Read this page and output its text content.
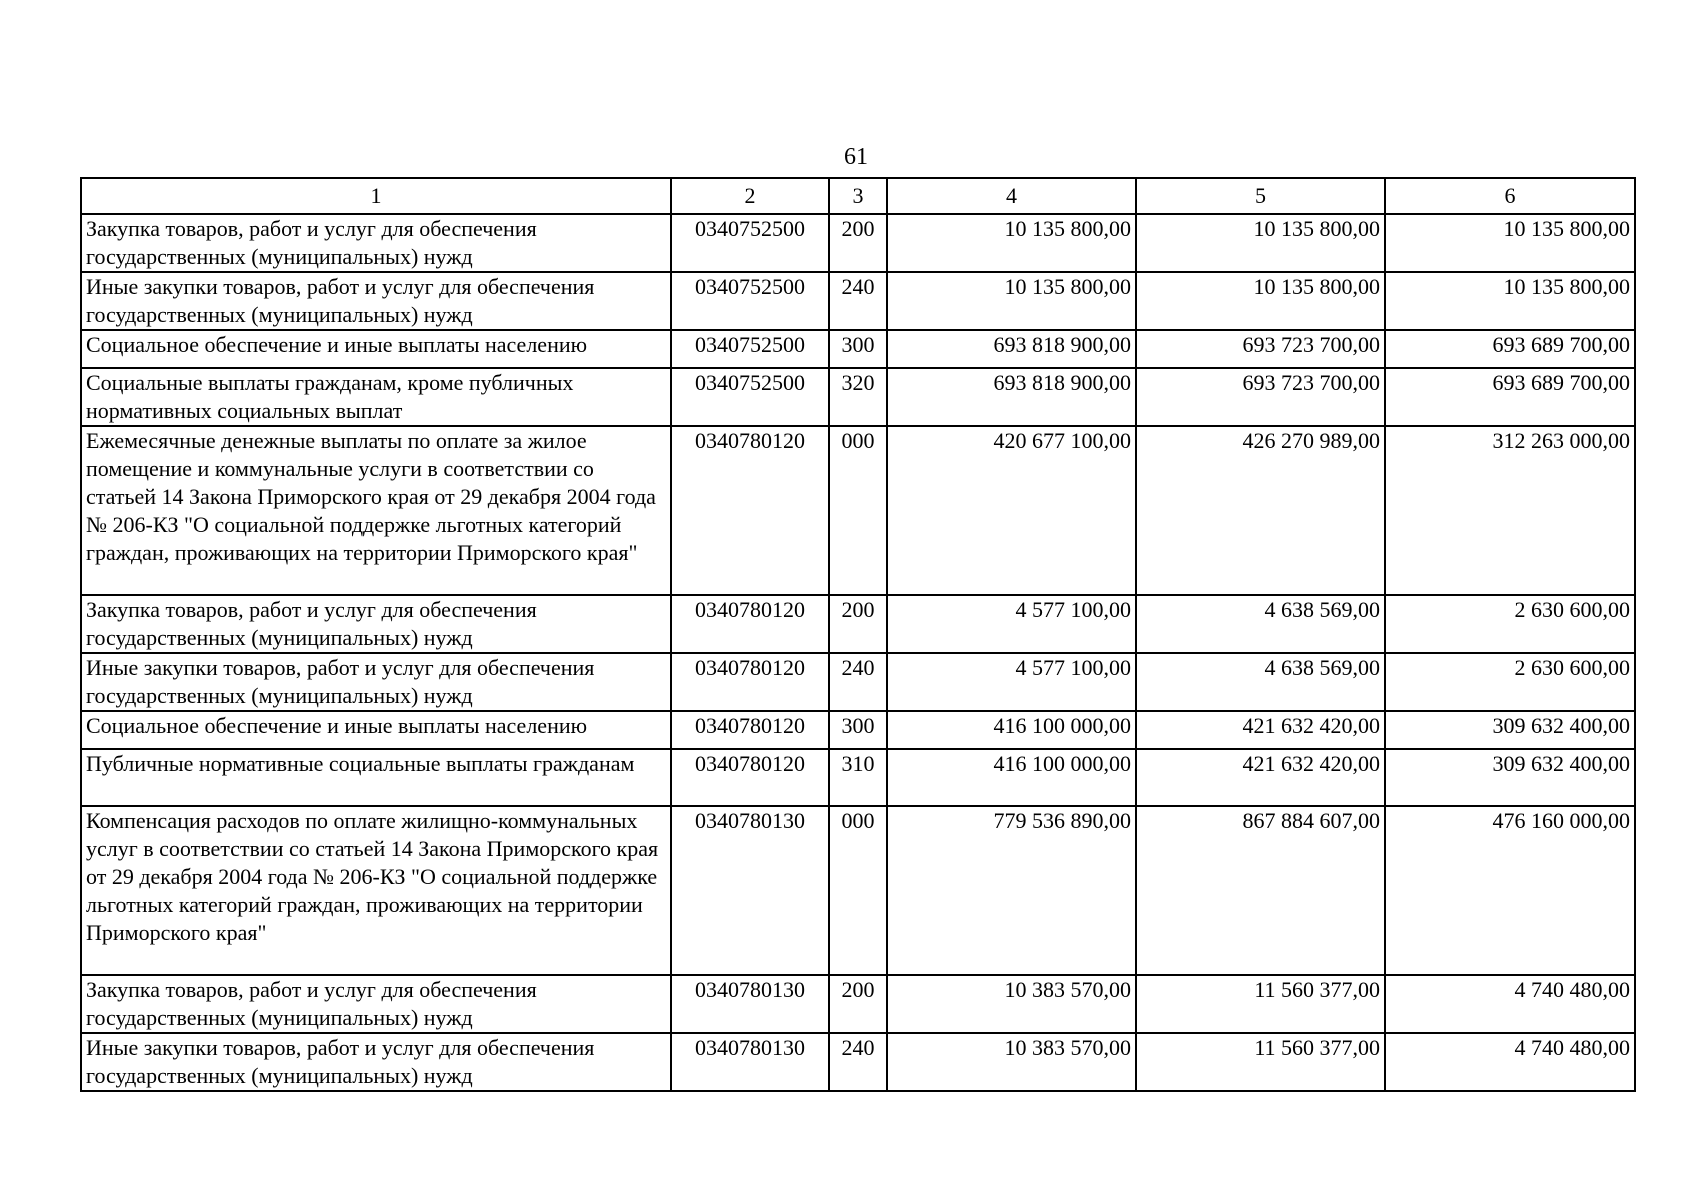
61
1	2	3	4	5	6
Закупка товаров, работ и услуг для обеспечения государственных (муниципальных) нужд	0340752500	200	10 135 800,00	10 135 800,00	10 135 800,00
Иные закупки товаров, работ и услуг для обеспечения государственных (муниципальных) нужд	0340752500	240	10 135 800,00	10 135 800,00	10 135 800,00
Социальное обеспечение и иные выплаты населению	0340752500	300	693 818 900,00	693 723 700,00	693 689 700,00
Социальные выплаты гражданам, кроме публичных нормативных социальных выплат	0340752500	320	693 818 900,00	693 723 700,00	693 689 700,00
Ежемесячные денежные выплаты по оплате за жилое помещение и коммунальные услуги в соответствии со статьей 14 Закона Приморского края от 29 декабря 2004 года № 206-КЗ "О социальной поддержке льготных категорий граждан, проживающих на территории Приморского края"	0340780120	000	420 677 100,00	426 270 989,00	312 263 000,00
Закупка товаров, работ и услуг для обеспечения государственных (муниципальных) нужд	0340780120	200	4 577 100,00	4 638 569,00	2 630 600,00
Иные закупки товаров, работ и услуг для обеспечения государственных (муниципальных) нужд	0340780120	240	4 577 100,00	4 638 569,00	2 630 600,00
Социальное обеспечение и иные выплаты населению	0340780120	300	416 100 000,00	421 632 420,00	309 632 400,00
Публичные нормативные социальные выплаты гражданам	0340780120	310	416 100 000,00	421 632 420,00	309 632 400,00
Компенсация расходов по оплате жилищно-коммунальных услуг в соответствии со статьей 14 Закона Приморского края от 29 декабря 2004 года № 206-КЗ "О социальной поддержке льготных категорий граждан, проживающих на территории Приморского края"	0340780130	000	779 536 890,00	867 884 607,00	476 160 000,00
Закупка товаров, работ и услуг для обеспечения государственных (муниципальных) нужд	0340780130	200	10 383 570,00	11 560 377,00	4 740 480,00
Иные закупки товаров, работ и услуг для обеспечения государственных (муниципальных) нужд	0340780130	240	10 383 570,00	11 560 377,00	4 740 480,00
